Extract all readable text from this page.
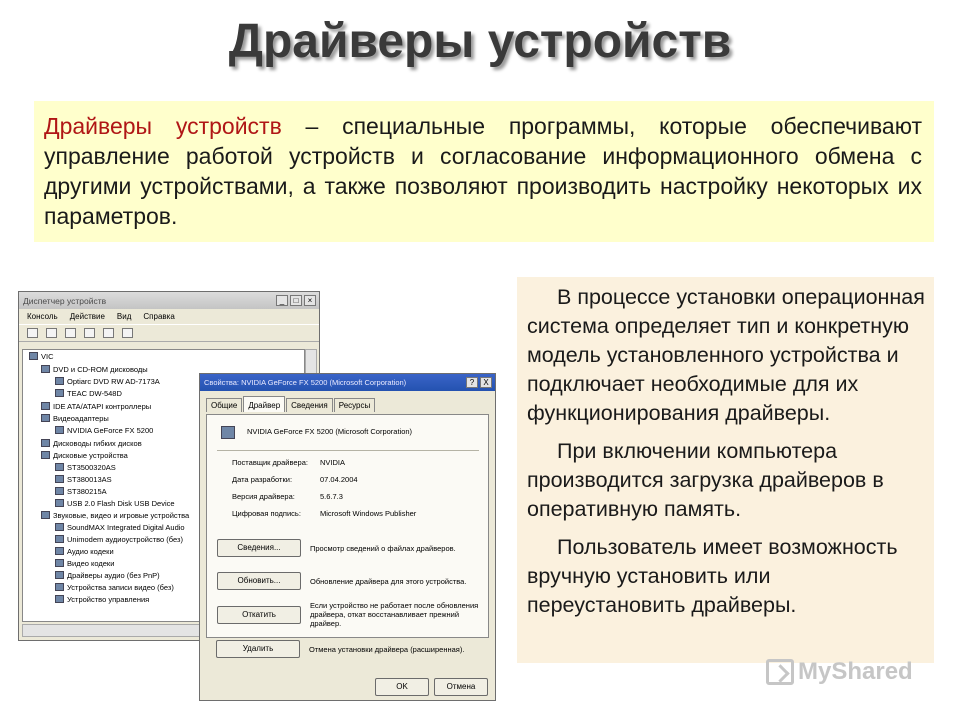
Драйверы устройств
Драйверы устройств – специальные программы, которые обеспечивают управление работой устройств и согласование информационного обмена с другими устройствами, а также позволяют производить настройку некоторых их параметров.
Диспетчер устройств	_	□	×
Консоль Действие Вид Справка
VIC
DVD и CD-ROM дисководы
Optiarc DVD RW AD-7173A
TEAC DW-548D
IDE ATA/ATAPI контроллеры
Видеоадаптеры
NVIDIA GeForce FX 5200
Дисководы гибких дисков
Дисковые устройства
ST3500320AS
ST380013AS
ST380215A
USB 2.0 Flash Disk USB Device
Звуковые, видео и игровые устройства
SoundMAX Integrated Digital Audio
Unimodem аудиоустройство (без)
Аудио кодеки
Видео кодеки
Драйверы аудио (без PnP)
Устройства записи видео (без)
Устройство управления
Свойства: NVIDIA GeForce FX 5200 (Microsoft Corporation)	?	X
Общие	Драйвер	Сведения	Ресурсы
NVIDIA GeForce FX 5200 (Microsoft Corporation)
Поставщик драйвера: NVIDIA
Дата разработки:	07.04.2004
Версия драйвера:	5.6.7.3
Цифровая подпись:	Microsoft Windows Publisher
Сведения...	Просмотр сведений о файлах драйверов.
Обновить...	Обновление драйвера для этого устройства.
Откатить
Если устройство не работает после обновления драйвера, откат восстанавливает прежний драйвер.
Удалить	Отмена установки драйвера (расширенная).
OK	Отмена

В процессе установки операционная система определяет тип и конкретную модель установленного устройства и подключает необходимые для их функционирования драйверы.

При включении компьютера производится загрузка драйверов в оперативную память.

Пользователь имеет возможность вручную установить или переустановить драйверы.

MyShared
